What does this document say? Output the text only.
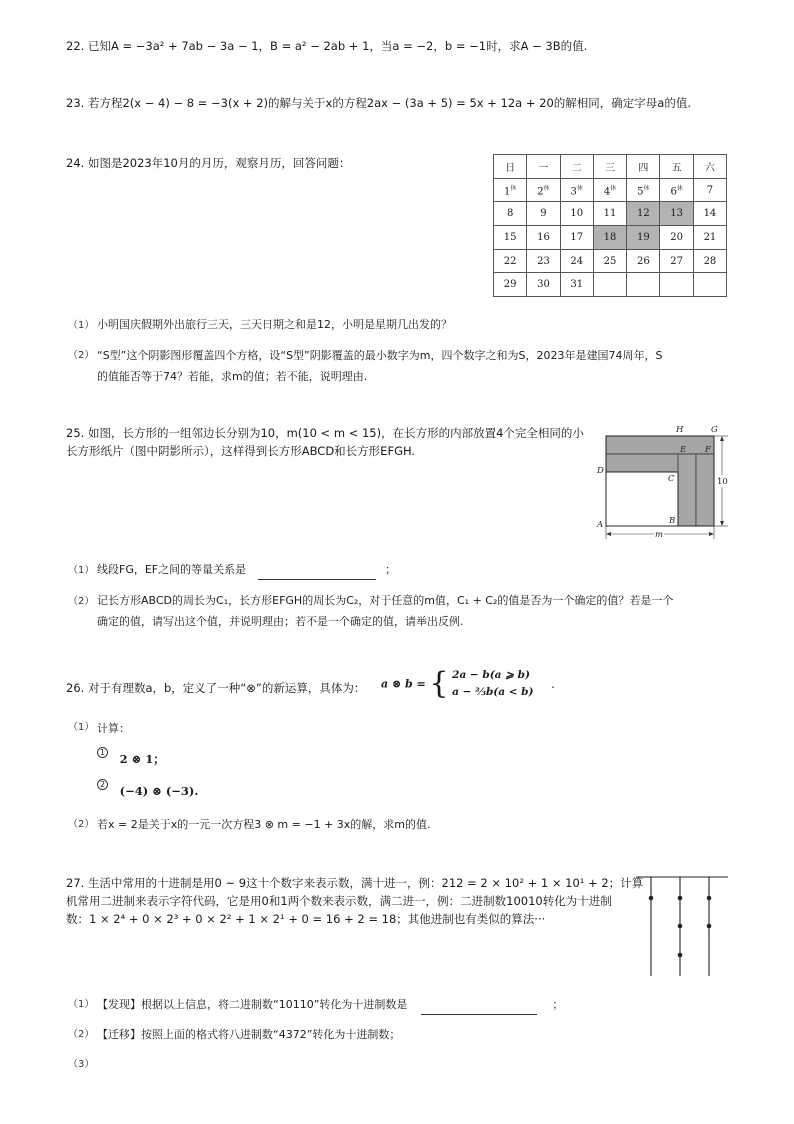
22. 已知A = −3a² + 7ab − 3a − 1，B = a² − 2ab + 1，当a = −2，b = −1时，求A − 3B的值.
23. 若方程2(x − 4) − 8 = −3(x + 2)的解与关于x的方程2ax − (3a + 5) = 5x + 12a + 20的解相同，确定字母a的值.
24. 如图是2023年10月的月历，观察月历，回答问题：	日	一	二	三	四	五	六
$1^休$	$2^休$	$3^休$	$4^休$	$5^休$	$6^休$	7
8	9	10	11	12	13	14
15	16	17	18	19	20	21
22	23	24	25	26	27	28
29	30	31				
（1） 小明国庆假期外出旅行三天，三天日期之和是12，小明是星期几出发的？
（2） “S型”这个阴影图形覆盖四个方格，设“S型”阴影覆盖的最小数字为m，四个数字之和为S，2023年是建国74周年，S
的值能否等于74？若能，求m的值；若不能，说明理由.
25. 如图，长方形的一组邻边长分别为10，m(10 < m < 15)，在长方形的内部放置4个完全相同的小
长方形纸片（图中阴影所示），这样得到长方形ABCD和长方形EFGH.
H	G
D
E F
C
B
A
10
m
（1） 线段FG，EF之间的等量关系是	；
（2） 记长方形ABCD的周长为C₁，长方形EFGH的周长为C₂，对于任意的m值，C₁ + C₂的值是否为一个确定的值？若是一个
确定的值，请写出这个值，并说明理由；若不是一个确定的值，请举出反例.
26. 对于有理数a，b，定义了一种“⊗”的新运算，具体为： a ⊗ b = { 2a − b(a ⩾ b)
a − ⅔b(a < b)
.
（1） 计算：
1 2 ⊗ 1；
2 (−4) ⊗ (−3).
（2） 若x = 2是关于x的一元一次方程3 ⊗ m = −1 + 3x的解，求m的值.
27. 生活中常用的十进制是用0 ~ 9这十个数字来表示数，满十进一，例：212 = 2 × 10² + 1 × 10¹ + 2；计算
机常用二进制来表示字符代码，它是用0和1两个数来表示数，满二进一，例：二进制数10010转化为十进制
数：1 × 2⁴ + 0 × 2³ + 0 × 2² + 1 × 2¹ + 0 = 16 + 2 = 18；其他进制也有类似的算法···
（1） 【发现】根据以上信息，将二进制数“10110”转化为十进制数是	；
（2） 【迁移】按照上面的格式将八进制数“4372”转化为十进制数；
（3）
